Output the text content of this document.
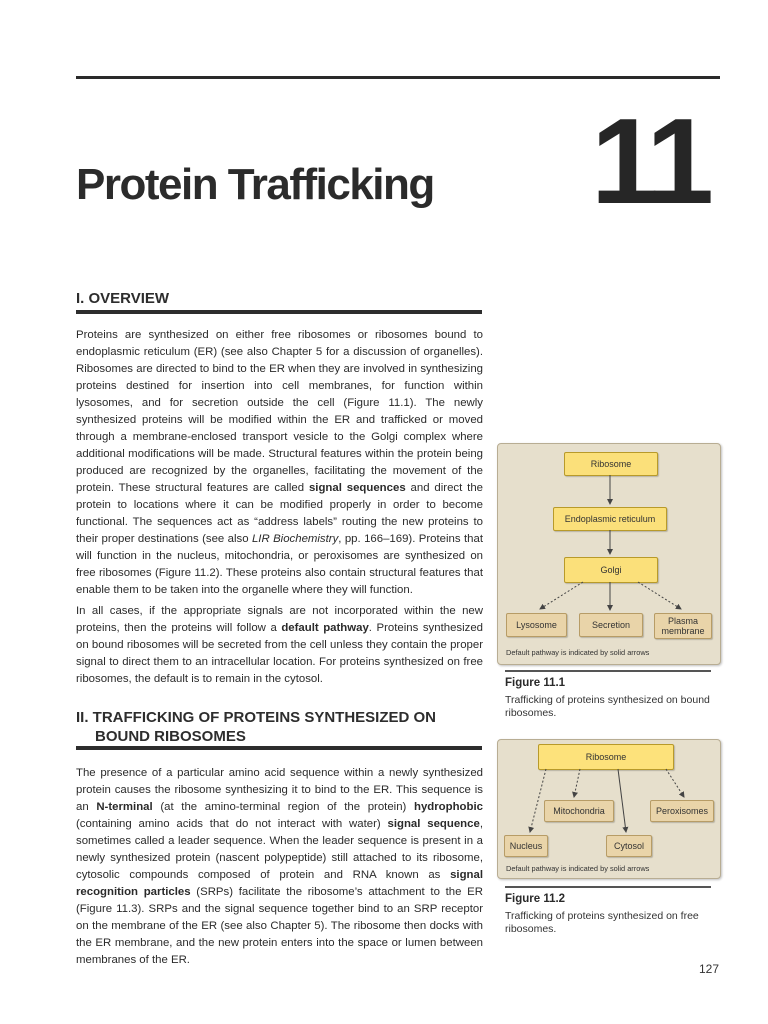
Protein Trafficking 11
I. OVERVIEW

Proteins are synthesized on either free ribosomes or ribosomes bound to endoplasmic reticulum (ER) (see also Chapter 5 for a discussion of organelles). Ribosomes are directed to bind to the ER when they are involved in synthesizing proteins destined for insertion into cell membranes, for function within lysosomes, and for secretion outside the cell (Figure 11.1). The newly synthesized proteins will be modified within the ER and trafficked or moved through a membrane-enclosed transport vesicle to the Golgi complex where additional modifications will be made. Structural features within the protein being produced are recognized by the organelles, facilitating the movement of the protein. These structural features are called signal sequences and direct the protein to locations where it can be modified properly in order to become functional. The sequences act as “address labels” routing the new proteins to their proper destinations (see also LIR Biochemistry, pp. 166–169). Proteins that will function in the nucleus, mitochondria, or peroxisomes are synthesized on free ribosomes (Figure 11.2). These proteins also contain structural features that enable them to be taken into the organelle where they will function.

In all cases, if the appropriate signals are not incorporated within the new proteins, then the proteins will follow a default pathway. Proteins synthesized on bound ribosomes will be secreted from the cell unless they contain the proper signal to direct them to an intracellular location. For proteins synthesized on free ribosomes, the default is to remain in the cytosol.

II. TRAFFICKING OF PROTEINS SYNTHESIZED ON
BOUND RIBOSOMES

The presence of a particular amino acid sequence within a newly synthesized protein causes the ribosome synthesizing it to bind to the ER. This sequence is an N-terminal (at the amino-terminal region of the protein) hydrophobic (containing amino acids that do not interact with water) signal sequence, sometimes called a leader sequence. When the leader sequence is present in a newly synthesized protein (nascent polypeptide) still attached to its ribosome, cytosolic compounds composed of protein and RNA known as signal recognition particles (SRPs) facilitate the ribosome’s attachment to the ER (Figure 11.3). SRPs and the signal sequence together bind to an SRP receptor on the membrane of the ER (see also Chapter 5). The ribosome then docks with the ER membrane, and the new protein enters into the space or lumen between membranes of the ER.

Ribosome
Endoplasmic reticulum
Golgi
Lysosome	Secretion	Plasma membrane
Default pathway is indicated by solid arrows
Figure 11.1
Trafficking of proteins synthesized on bound ribosomes.
Ribosome
Mitochondria	Peroxisomes
Nucleus	Cytosol
Default pathway is indicated by solid arrows
Figure 11.2
Trafficking of proteins synthesized on free ribosomes.
127
